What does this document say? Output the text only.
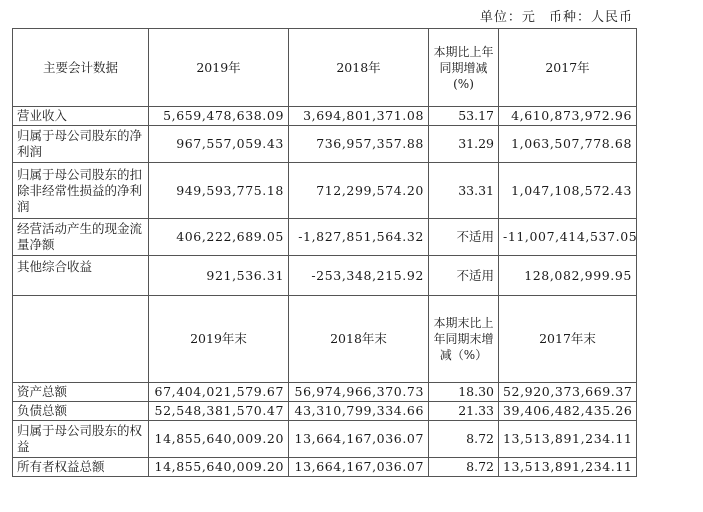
单位：元 币种：人民币
主要会计数据	2019年	2018年	本期比上年同期增减(%)	2017年
营业收入	5,659,478,638.09	3,694,801,371.08	53.17	4,610,873,972.96
归属于母公司股东的净利润	967,557,059.43	736,957,357.88	31.29	1,063,507,778.68
归属于母公司股东的扣除非经常性损益的净利润	949,593,775.18	712,299,574.20	33.31	1,047,108,572.43
经营活动产生的现金流量净额	406,222,689.05	-1,827,851,564.32	不适用	-11,007,414,537.05
其他综合收益	921,536.31	-253,348,215.92	不适用	128,082,999.95
	2019年末	2018年末	本期末比上年同期末增减（%）	2017年末
资产总额	67,404,021,579.67	56,974,966,370.73	18.30	52,920,373,669.37
负债总额	52,548,381,570.47	43,310,799,334.66	21.33	39,406,482,435.26
归属于母公司股东的权益	14,855,640,009.20	13,664,167,036.07	8.72	13,513,891,234.11
所有者权益总额	14,855,640,009.20	13,664,167,036.07	8.72	13,513,891,234.11
